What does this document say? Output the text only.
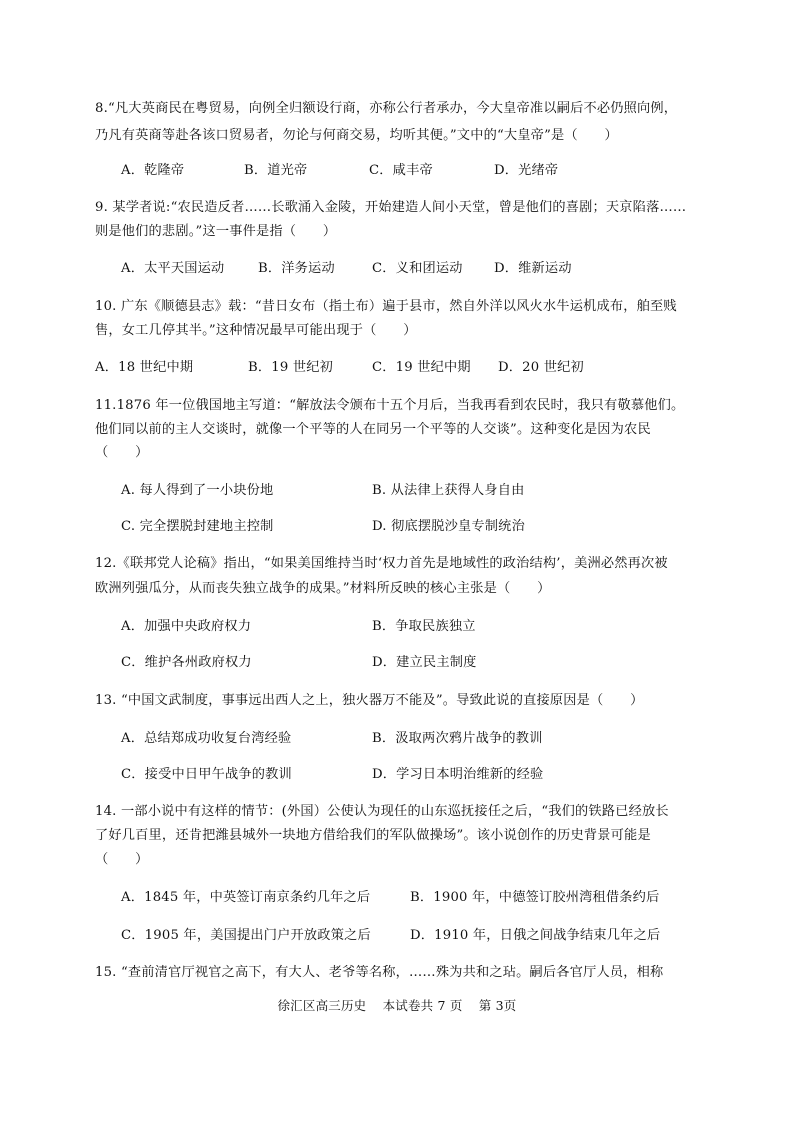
8.“凡大英商民在粤贸易，向例全归额设行商，亦称公行者承办，今大皇帝准以嗣后不必仍照向例，
乃凡有英商等赴各该口贸易者，勿论与何商交易，均听其便。”文中的“大皇帝”是（　　）
A．乾隆帝	B．道光帝	C．咸丰帝	D．光绪帝
9. 某学者说:“农民造反者……长歌涌入金陵，开始建造人间小天堂，曾是他们的喜剧；天京陷落……
则是他们的悲剧。”这一事件是指（　　）
A．太平天国运动	B．洋务运动	C．义和团运动 D．维新运动
10. 广东《顺德县志》载：“昔日女布（指土布）遍于县市，然自外洋以风火水牛运机成布，舶至贱
售，女工几停其半。”这种情况最早可能出现于（　　）
A．18 世纪中期	B．19 世纪初	C．19 世纪中期 D．20 世纪初
11.1876 年一位俄国地主写道：“解放法令颁布十五个月后，当我再看到农民时，我只有敬慕他们。
他们同以前的主人交谈时，就像一个平等的人在同另一个平等的人交谈”。这种变化是因为农民
（　　）
A. 每人得到了一小块份地	B. 从法律上获得人身自由
C. 完全摆脱封建地主控制	D. 彻底摆脱沙皇专制统治
12.《联邦党人论稿》指出，“如果美国维持当时‘权力首先是地域性的政治结构’，美洲必然再次被
欧洲列强瓜分，从而丧失独立战争的成果。”材料所反映的核心主张是（　　）
A．加强中央政府权力	B．争取民族独立
C．维护各州政府权力	D．建立民主制度
13. “中国文武制度，事事远出西人之上，独火器万不能及”。导致此说的直接原因是（　　）
A．总结郑成功收复台湾经验	B．汲取两次鸦片战争的教训
C．接受中日甲午战争的教训	D．学习日本明治维新的经验
14. 一部小说中有这样的情节：(外国）公使认为现任的山东巡抚接任之后，“我们的铁路已经放长
了好几百里，还肯把潍县城外一块地方借给我们的军队做操场”。该小说创作的历史背景可能是
（　　）
A．1845 年，中英签订南京条约几年之后	B．1900 年，中德签订胶州湾租借条约后
C．1905 年，美国提出门户开放政策之后	D．1910 年，日俄之间战争结束几年之后
15. “查前清官厅视官之高下，有大人、老爷等名称，……殊为共和之玷。嗣后各官厅人员，相称
徐汇区高三历史 本试卷共 7 页 第 3页
